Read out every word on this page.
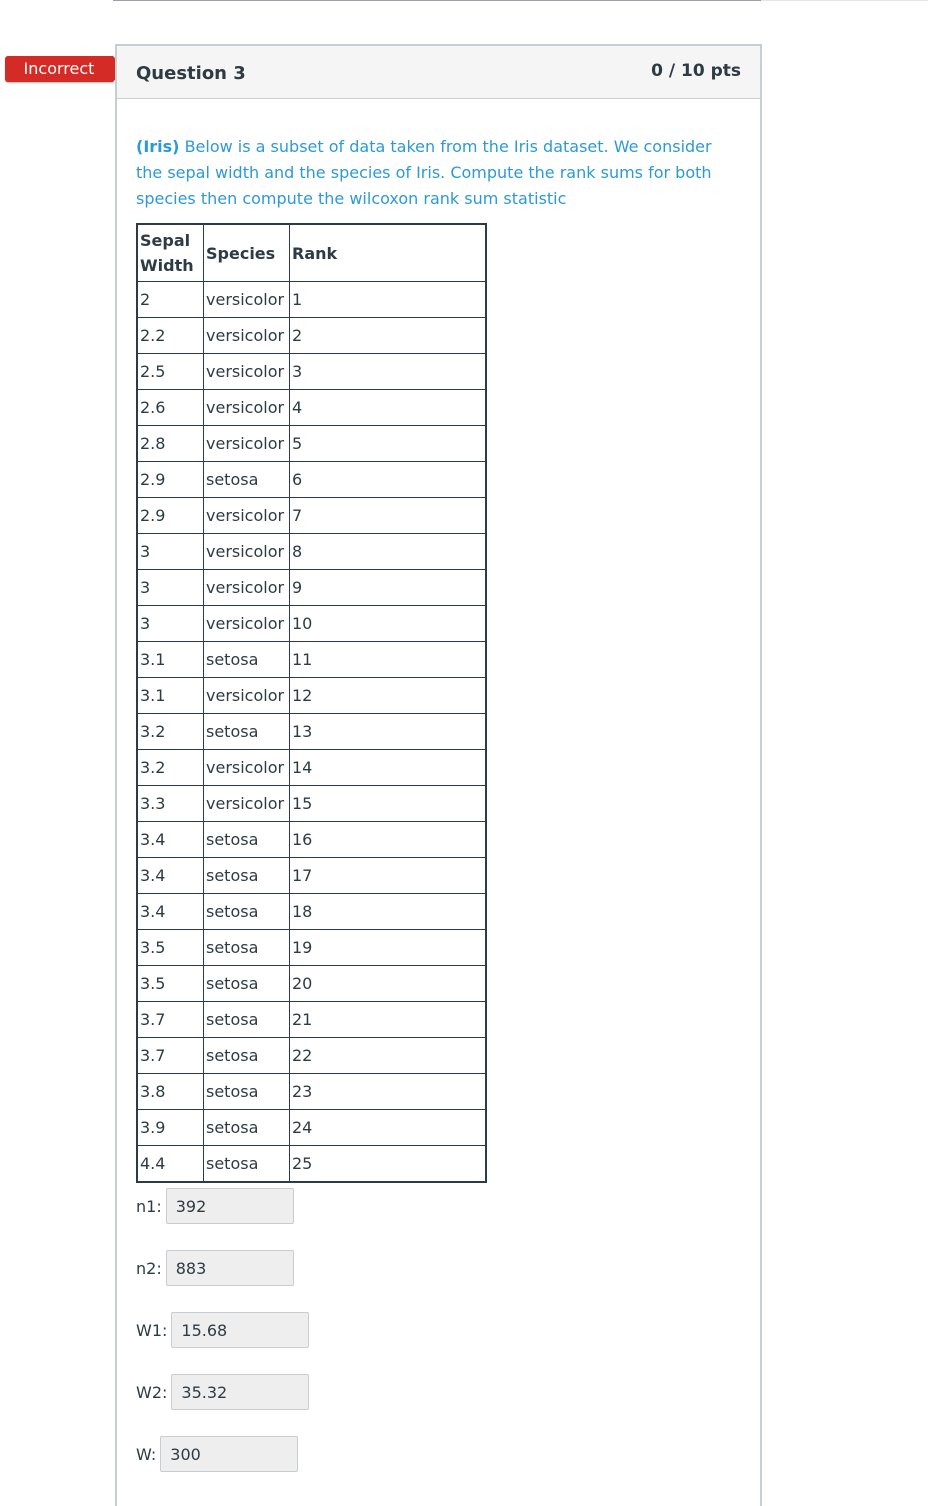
Incorrect	Question 3	0 / 10 pts
(Iris) Below is a subset of data taken from the Iris dataset. We consider the sepal width and the species of Iris. Compute the rank sums for both species then compute the wilcoxon rank sum statistic
Sepal Width	Species	Rank
2	versicolor	1
2.2	versicolor	2
2.5	versicolor	3
2.6	versicolor	4
2.8	versicolor	5
2.9	setosa	6
2.9	versicolor	7
3	versicolor	8
3	versicolor	9
3	versicolor	10
3.1	setosa	11
3.1	versicolor	12
3.2	setosa	13
3.2	versicolor	14
3.3	versicolor	15
3.4	setosa	16
3.4	setosa	17
3.4	setosa	18
3.5	setosa	19
3.5	setosa	20
3.7	setosa	21
3.7	setosa	22
3.8	setosa	23
3.9	setosa	24
4.4	setosa	25
n1: 392
n2: 883
W1: 15.68
W2: 35.32
W: 300
